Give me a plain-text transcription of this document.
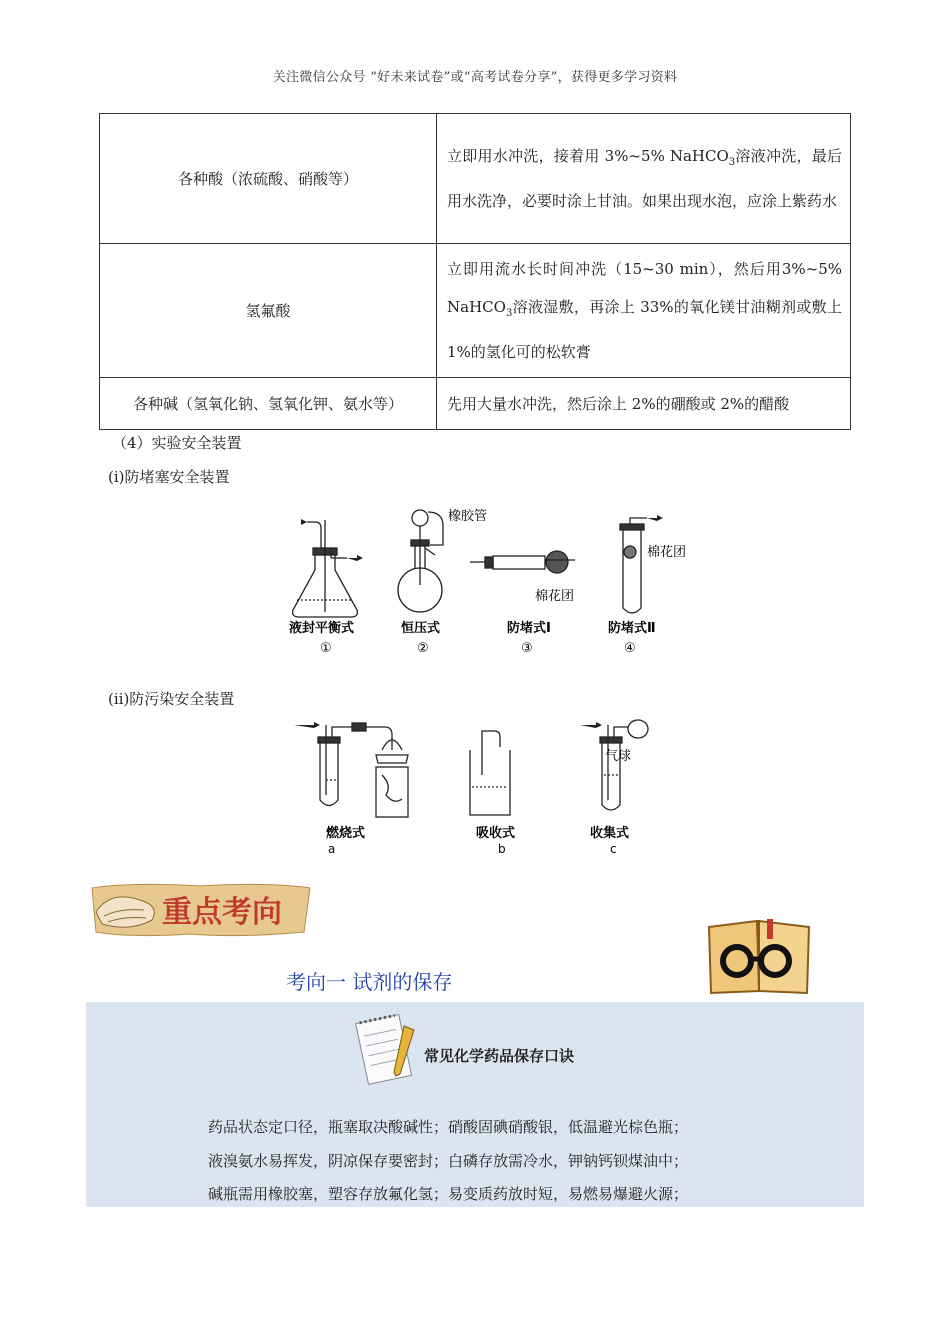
关注微信公众号 “好未来试卷”或“高考试卷分享”，获得更多学习资料
各种酸（浓硫酸、硝酸等）	立即用水冲洗，接着用 3%~5% NaHCO$_3$溶液冲洗，最后用水洗净，必要时涂上甘油。如果出现水泡，应涂上紫药水
氢氟酸	立即用流水长时间冲洗（15~30 min），然后用3%~5% NaHCO$_3$溶液湿敷，再涂上 33%的氧化镁甘油糊剂或敷上 1%的氢化可的松软膏
各种碱（氢氧化钠、氢氧化钾、氨水等）	先用大量水冲洗，然后涂上 2%的硼酸或 2%的醋酸
（4）实验安全装置
(ⅰ)防堵塞安全装置
橡胶管
棉花团
棉花团
液封平衡式	恒压式	防堵式Ⅰ	防堵式Ⅱ
①	②	③	④
(ⅱ)防污染安全装置
气球
燃烧式	吸收式	收集式
a	b	c
重点考向
考向一 试剂的保存
常见化学药品保存口诀
药品状态定口径，瓶塞取决酸碱性；硝酸固碘硝酸银，低温避光棕色瓶；
液溴氨水易挥发，阴凉保存要密封；白磷存放需冷水，钾钠钙钡煤油中；
碱瓶需用橡胶塞，塑容存放氟化氢；易变质药放时短，易燃易爆避火源；
